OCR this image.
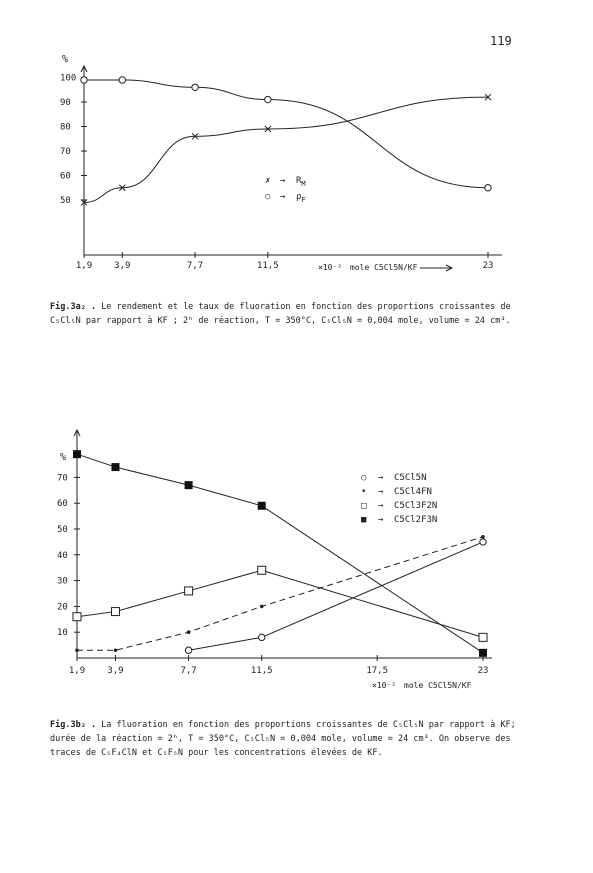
119
100
90
80
70
60
50
1,9 3,9	7,7	11,5	23
✗ → $R_M$
○ → $\rho_F$
%
×10⁻² mole C5Cl5N/KF
Fig.3a₂ . Le rendement et le taux de fluoration en fonction des proportions croissantes de
C₅Cl₅N par rapport à KF ; 2ʰ de réaction, T = 350°C, C₅Cl₅N = 0,004 mole, volume = 24 cm³.
70
60
50
40
30
20
10
1,9 3,9	7,7	11,5	17,5	23
○ → C5Cl5N
• → C5Cl4FN
□ → C5Cl3F2N
■ → C5Cl2F3N
%
×10⁻² mole C5Cl5N/KF
Fig.3b₂ . La fluoration en fonction des proportions croissantes de C₅Cl₅N par rapport à KF;
durée de la réaction = 2ʰ, T = 350°C, C₅Cl₅N = 0,004 mole, volume = 24 cm³. On observe des
traces de C₅F₄ClN et C₅F₅N pour les concentrations élevées de KF.
